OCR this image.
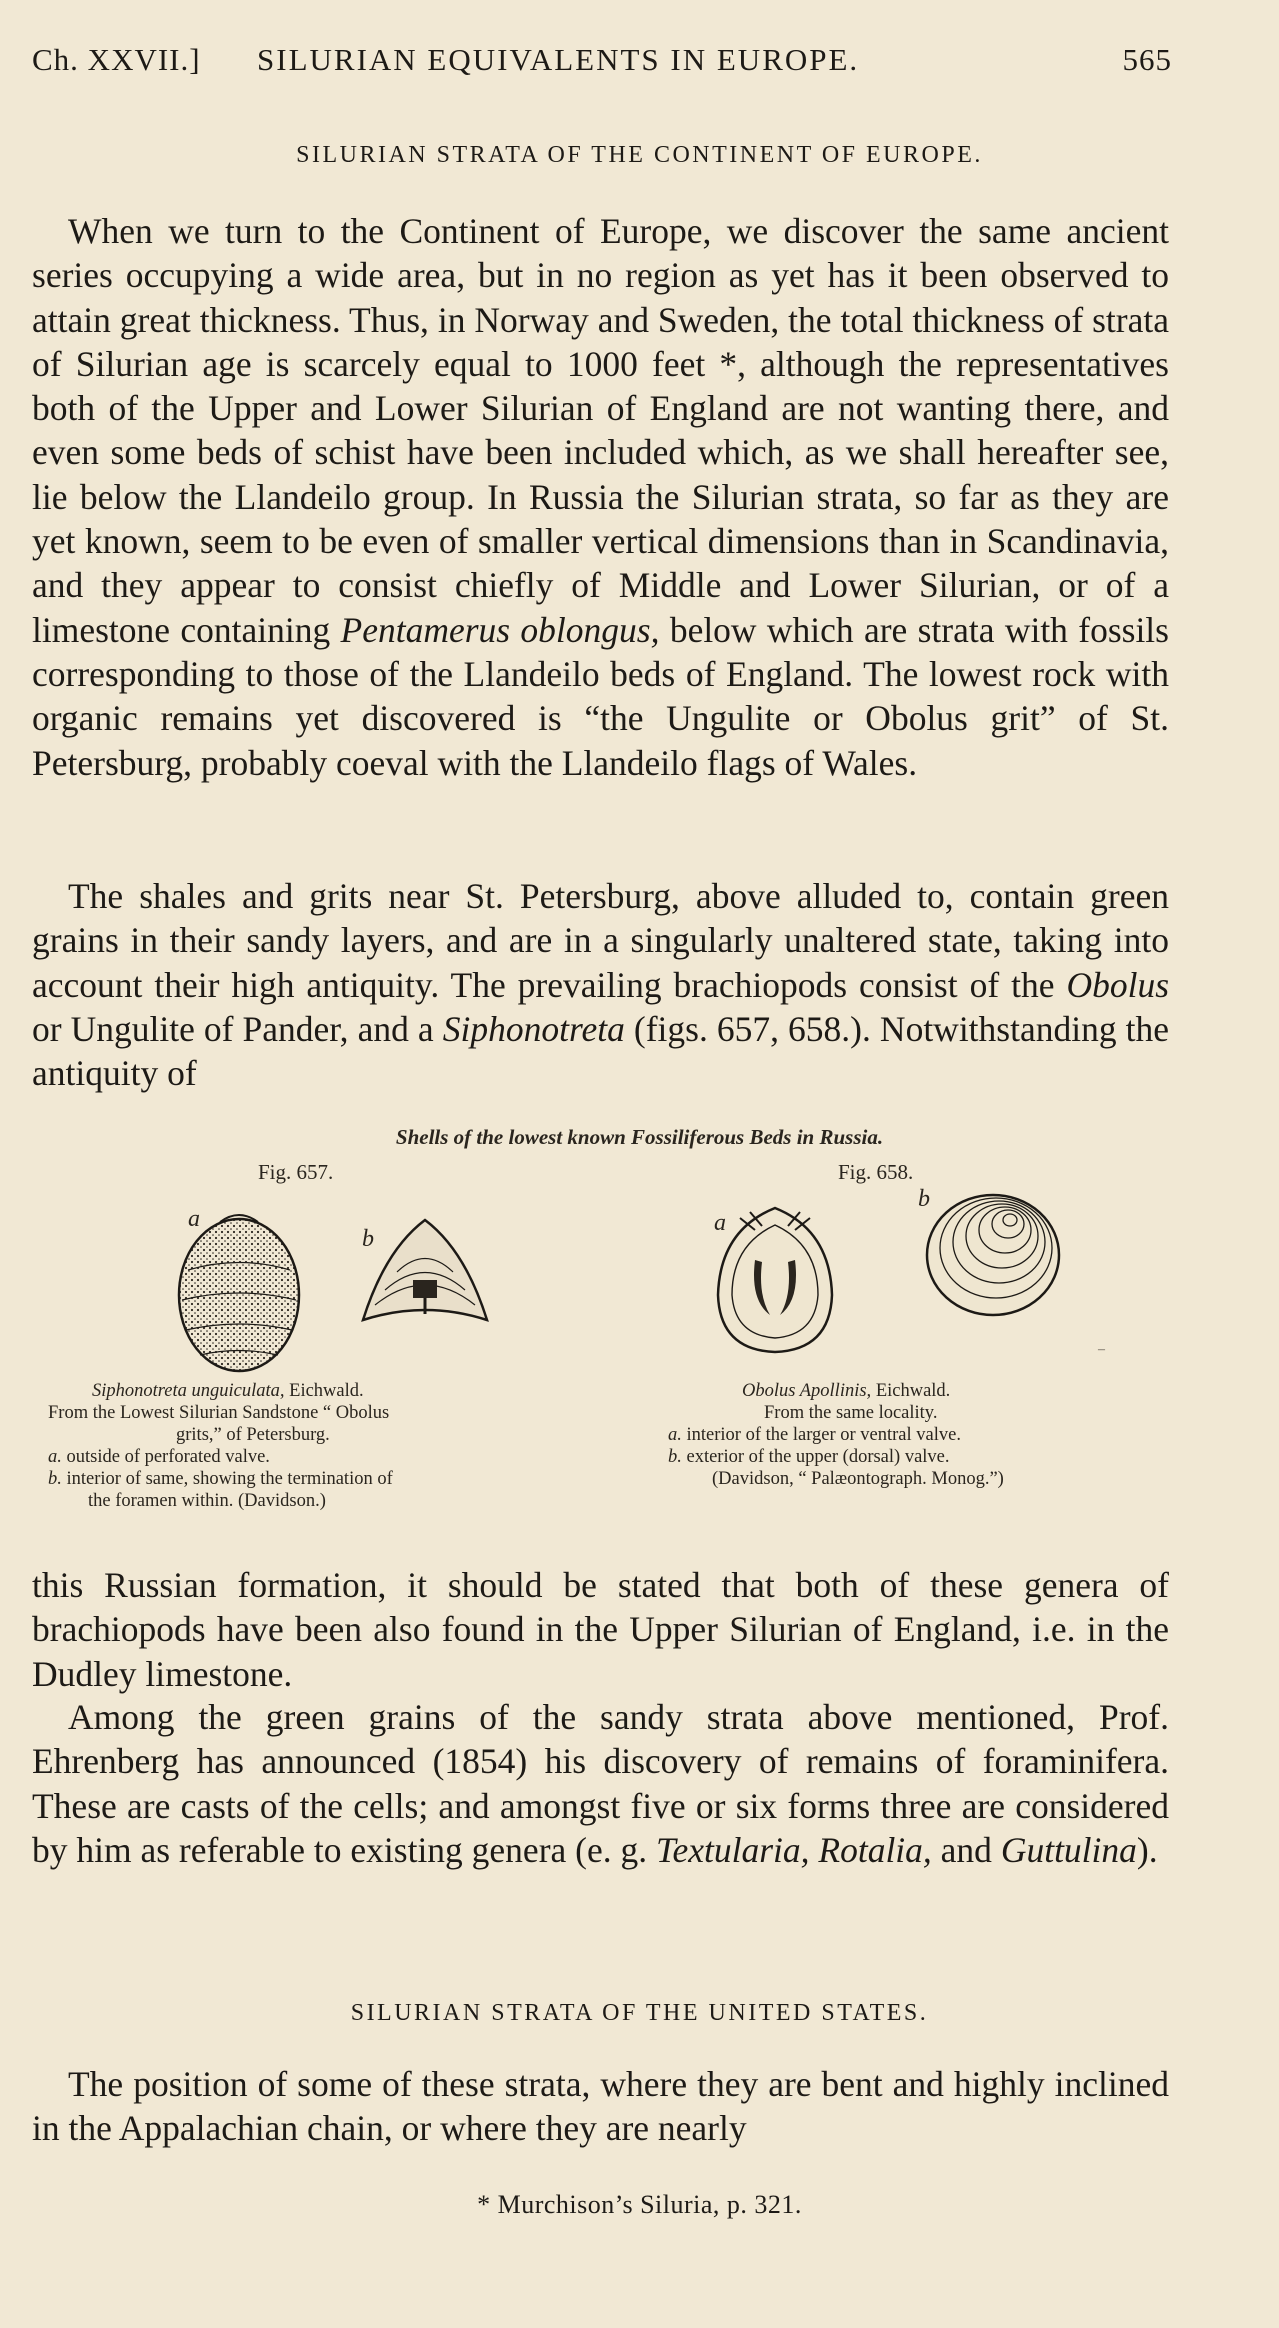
Ch. XXVII.] SILURIAN EQUIVALENTS IN EUROPE.	565
SILURIAN STRATA OF THE CONTINENT OF EUROPE.

When we turn to the Continent of Europe, we discover the same ancient series occupying a wide area, but in no region as yet has it been observed to attain great thickness. Thus, in Norway and Sweden, the total thickness of strata of Silurian age is scarcely equal to 1000 feet *, although the representatives both of the Upper and Lower Silurian of England are not wanting there, and even some beds of schist have been included which, as we shall hereafter see, lie below the Llandeilo group. In Russia the Silurian strata, so far as they are yet known, seem to be even of smaller vertical dimensions than in Scandinavia, and they appear to consist chiefly of Middle and Lower Silurian, or of a limestone containing Pentamerus oblongus, below which are strata with fossils corresponding to those of the Llandeilo beds of England. The lowest rock with organic remains yet discovered is “the Ungulite or Obolus grit” of St. Petersburg, probably coeval with the Llandeilo flags of Wales.

The shales and grits near St. Petersburg, above alluded to, contain green grains in their sandy layers, and are in a singularly unaltered state, taking into account their high antiquity. The prevailing brachiopods consist of the Obolus or Ungulite of Pander, and a Siphonotreta (figs. 657, 658.). Notwithstanding the antiquity of

Shells of the lowest known Fossiliferous Beds in Russia.
Fig. 657.	Fig. 658.
a
b
a
b
–
Siphonotreta unguiculata, Eichwald.
From the Lowest Silurian Sandstone “ Obolus
grits,” of Petersburg.
a. outside of perforated valve.
b. interior of same, showing the termination of
the foramen within. (Davidson.)
Obolus Apollinis, Eichwald.
From the same locality.
a. interior of the larger or ventral valve.
b. exterior of the upper (dorsal) valve.
(Davidson, “ Palæontograph. Monog.”)

this Russian formation, it should be stated that both of these genera of brachiopods have been also found in the Upper Silurian of England, i.e. in the Dudley limestone.

Among the green grains of the sandy strata above mentioned, Prof. Ehrenberg has announced (1854) his discovery of remains of foraminifera. These are casts of the cells; and amongst five or six forms three are considered by him as referable to existing genera (e. g. Textularia, Rotalia, and Guttulina).

SILURIAN STRATA OF THE UNITED STATES.

The position of some of these strata, where they are bent and highly inclined in the Appalachian chain, or where they are nearly

* Murchison’s Siluria, p. 321.
